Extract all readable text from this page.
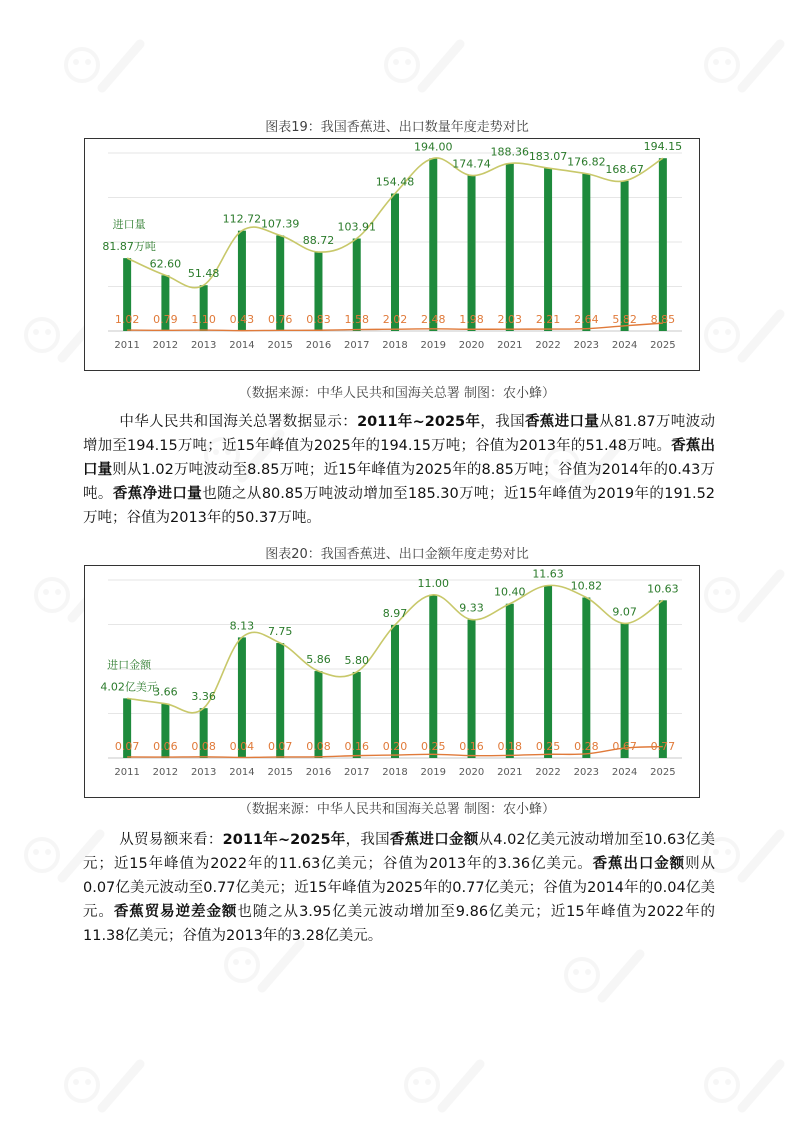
图表19：我国香蕉进、出口数量年度走势对比
进口量
81.87万吨
1.02
2011
62.60
0.79
2012
51.48
1.10
2013
112.72
0.43
2014
107.39
0.76
2015
88.72
0.83
2016
103.91
1.58
2017
154.48
2.02
2018
194.00
2.48
2019
174.74
1.98
2020
188.36
2.03
2021
183.07
2.21
2022
176.82
2.64
2023
168.67
5.82
2024
194.15
8.85
2025
（数据来源：中华人民共和国海关总署 制图：农小蜂）
中华人民共和国海关总署数据显示：2011年~2025年，我国香蕉进口量从81.87万吨波动增加至194.15万吨；近15年峰值为2025年的194.15万吨；谷值为2013年的51.48万吨。香蕉出口量则从1.02万吨波动至8.85万吨；近15年峰值为2025年的8.85万吨；谷值为2014年的0.43万吨。香蕉净进口量也随之从80.85万吨波动增加至185.30万吨；近15年峰值为2019年的191.52万吨；谷值为2013年的50.37万吨。
图表20：我国香蕉进、出口金额年度走势对比
进口金额
4.02亿美元
0.07
2011
3.66
0.06
2012
3.36
0.08
2013
8.13
0.04
2014
7.75
0.07
2015
5.86
0.08
2016
5.80
0.16
2017
8.97
0.20
2018
11.00
0.25
2019
9.33
0.16
2020
10.40
0.18
2021
11.63
0.25
2022
10.82
0.28
2023
9.07
0.67
2024
10.63
0.77
2025
（数据来源：中华人民共和国海关总署 制图：农小蜂）
从贸易额来看：2011年~2025年，我国香蕉进口金额从4.02亿美元波动增加至10.63亿美元；近15年峰值为2022年的11.63亿美元；谷值为2013年的3.36亿美元。香蕉出口金额则从0.07亿美元波动至0.77亿美元；近15年峰值为2025年的0.77亿美元；谷值为2014年的0.04亿美元。香蕉贸易逆差金额也随之从3.95亿美元波动增加至9.86亿美元；近15年峰值为2022年的11.38亿美元；谷值为2013年的3.28亿美元。
